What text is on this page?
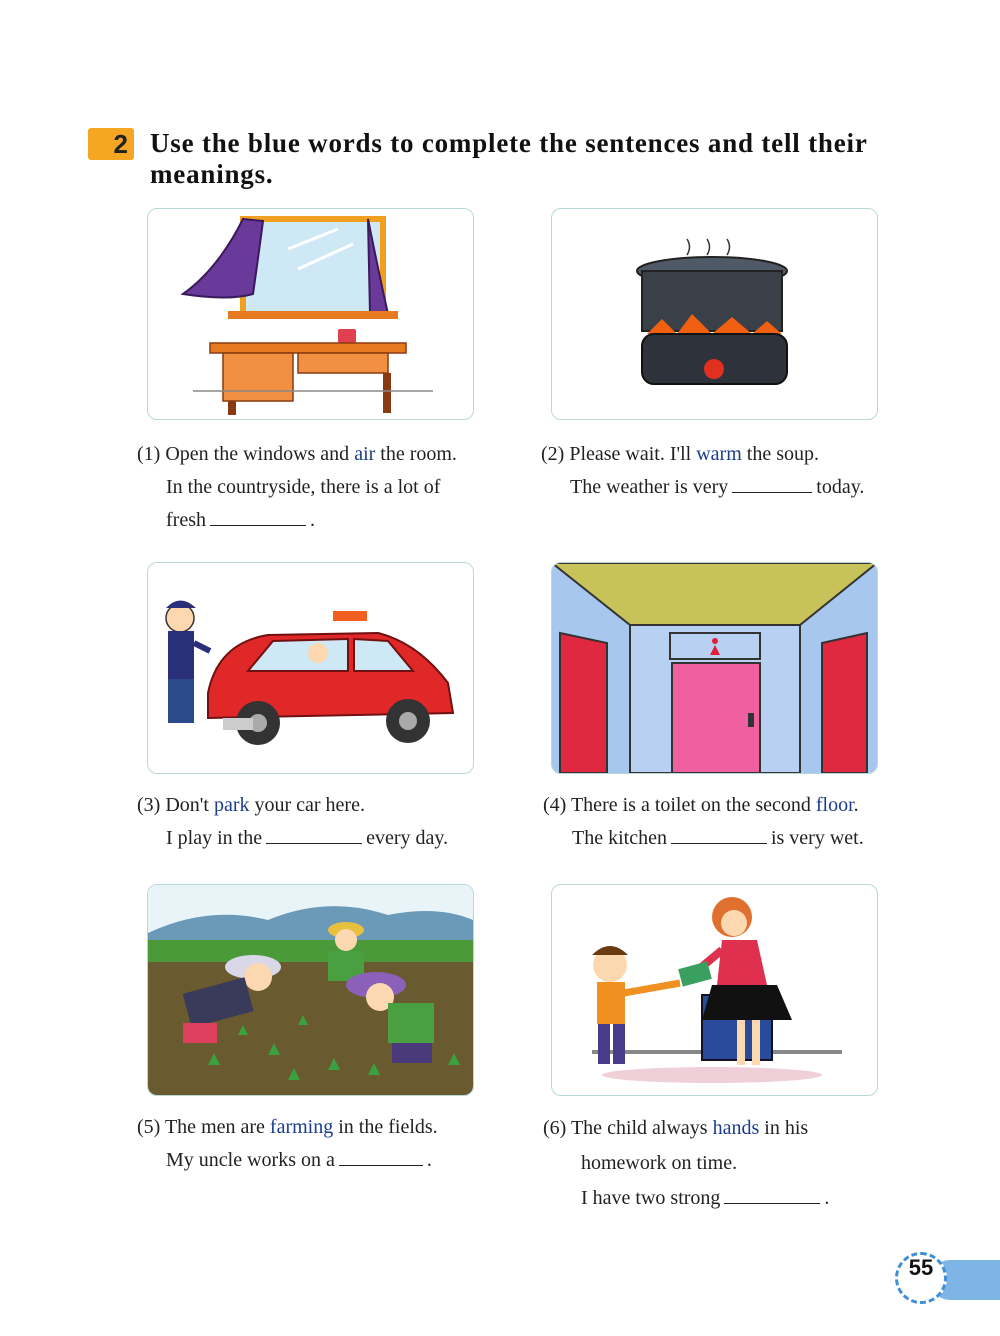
2 Use the blue words to complete the sentences and tell their meanings.
(1) Open the windows and air the room.
In the countryside, there is a lot of
fresh	.
(2) Please wait. I'll warm the soup.
The weather is very	today.
(3) Don't park your car here.
I play in the	every day.
(4) There is a toilet on the second floor.
The kitchen	is very wet.
(5) The men are farming in the fields.
My uncle works on a	.
(6) The child always hands in his
homework on time.
I have two strong	.
55
